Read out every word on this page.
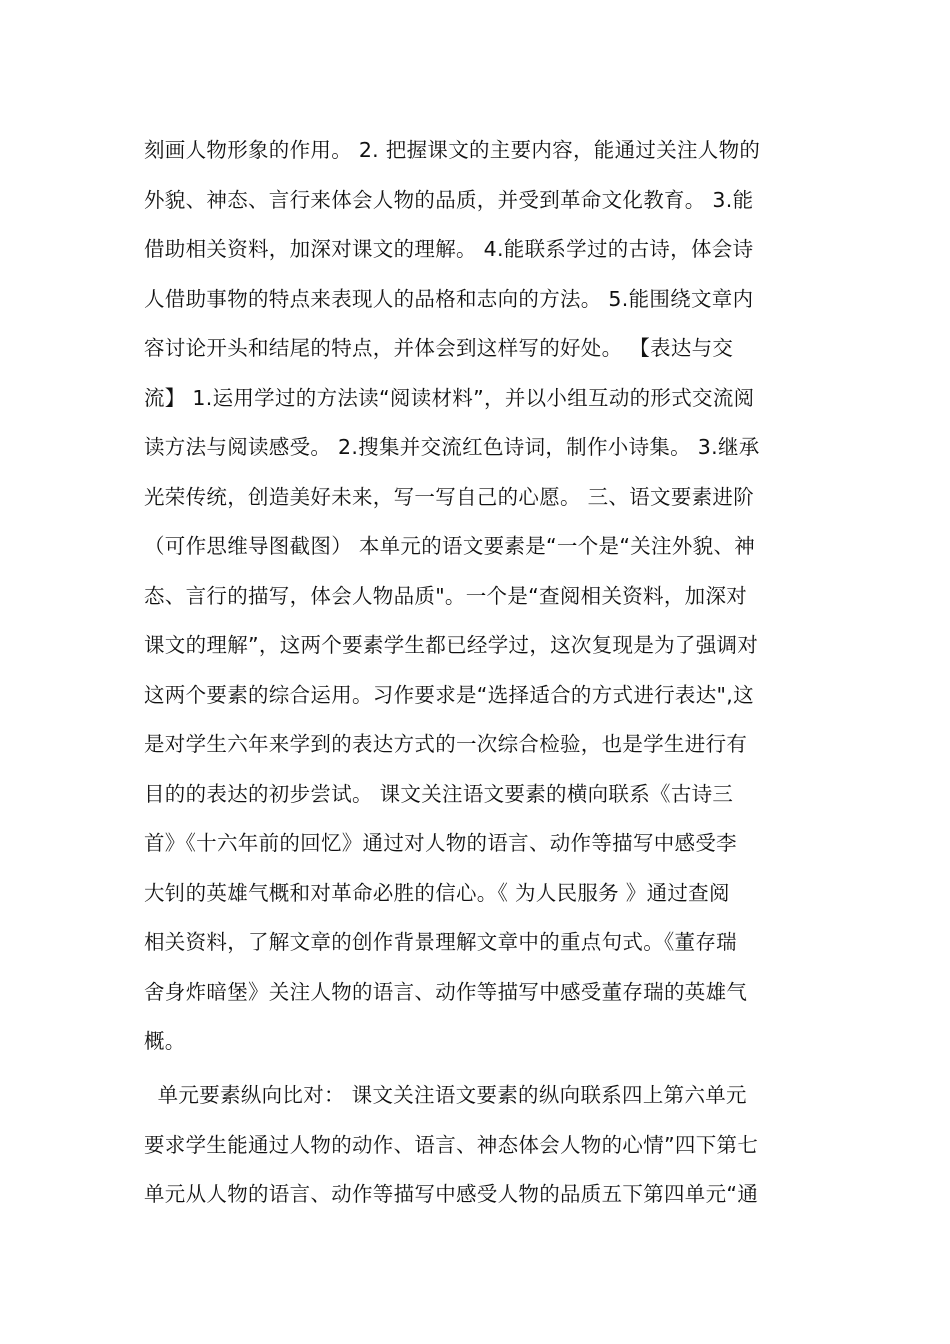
刻画人物形象的作用。 2. 把握课文的主要内容，能通过关注人物的
外貌、神态、言行来体会人物的品质，并受到革命文化教育。 3.能
借助相关资料，加深对课文的理解。 4.能联系学过的古诗，体会诗
人借助事物的特点来表现人的品格和志向的方法。 5.能围绕文章内
容讨论开头和结尾的特点，并体会到这样写的好处。 【表达与交
流】 1.运用学过的方法读“阅读材料”，并以小组互动的形式交流阅
读方法与阅读感受。 2.搜集并交流红色诗词，制作小诗集。 3.继承
光荣传统，创造美好未来，写一写自己的心愿。 三、语文要素进阶
（可作思维导图截图） 本单元的语文要素是“一个是“关注外貌、神
态、言行的描写，体会人物品质"。一个是“查阅相关资料，加深对
课文的理解”，这两个要素学生都已经学过，这次复现是为了强调对
这两个要素的综合运用。习作要求是“选择适合的方式进行表达",这
是对学生六年来学到的表达方式的一次综合检验，也是学生进行有
目的的表达的初步尝试。 课文关注语文要素的横向联系《古诗三
首》《十六年前的回忆》通过对人物的语言、动作等描写中感受李
大钊的英雄气概和对革命必胜的信心。《 为人民服务 》通过查阅
相关资料，了解文章的创作背景理解文章中的重点句式。《董存瑞
舍身炸暗堡》关注人物的语言、动作等描写中感受董存瑞的英雄气
概。
单元要素纵向比对： 课文关注语文要素的纵向联系四上第六单元
要求学生能通过人物的动作、语言、神态体会人物的心情”四下第七
单元从人物的语言、动作等描写中感受人物的品质五下第四单元“通
